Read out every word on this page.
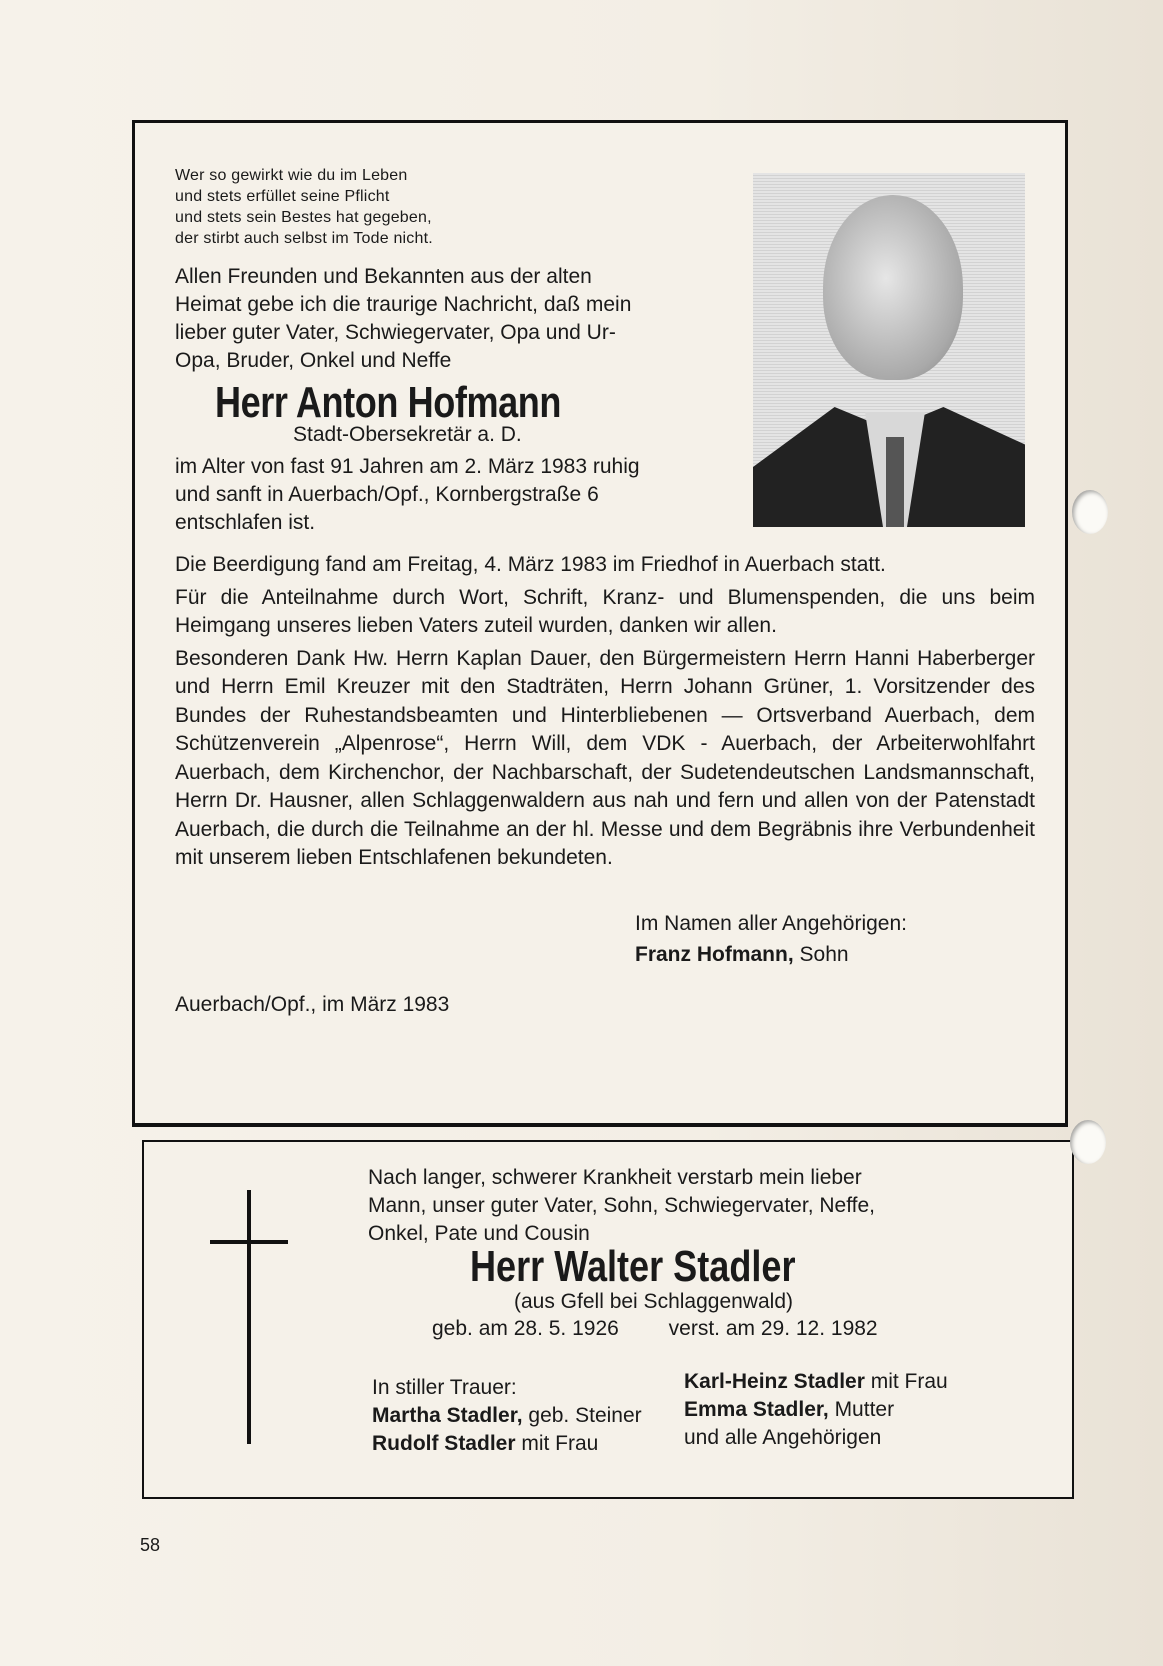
Wer so gewirkt wie du im Leben
und stets erfüllet seine Pflicht
und stets sein Bestes hat gegeben,
der stirbt auch selbst im Tode nicht.
Allen Freunden und Bekannten aus der alten
Heimat gebe ich die traurige Nachricht, daß mein
lieber guter Vater, Schwiegervater, Opa und Ur-
Opa, Bruder, Onkel und Neffe
Herr Anton Hofmann
Stadt-Obersekretär a. D.
im Alter von fast 91 Jahren am 2. März 1983 ruhig
und sanft in Auerbach/Opf., Kornbergstraße 6
entschlafen ist.

Die Beerdigung fand am Freitag, 4. März 1983 im Friedhof in Auerbach statt.

Für die Anteilnahme durch Wort, Schrift, Kranz- und Blumenspenden, die uns beim Heimgang unseres lieben Vaters zuteil wurden, danken wir allen.

Besonderen Dank Hw. Herrn Kaplan Dauer, den Bürgermeistern Herrn Hanni Haberberger und Herrn Emil Kreuzer mit den Stadträten, Herrn Johann Grüner, 1. Vorsitzender des Bundes der Ruhestandsbeamten und Hinterbliebenen — Ortsverband Auerbach, dem Schützenverein „Alpenrose“, Herrn Will, dem VDK - Auerbach, der Arbeiterwohlfahrt Auerbach, dem Kirchenchor, der Nachbarschaft, der Sudetendeutschen Landsmannschaft, Herrn Dr. Hausner, allen Schlaggenwaldern aus nah und fern und allen von der Patenstadt Auerbach, die durch die Teilnahme an der hl. Messe und dem Begräbnis ihre Verbundenheit mit unserem lieben Entschlafenen bekundeten.

Im Namen aller Angehörigen:
Franz Hofmann, Sohn
Auerbach/Opf., im März 1983
Nach langer, schwerer Krankheit verstarb mein lieber
Mann, unser guter Vater, Sohn, Schwiegervater, Neffe,
Onkel, Pate und Cousin
Herr Walter Stadler
(aus Gfell bei Schlaggenwald)
geb. am 28. 5. 1926 verst. am 29. 12. 1982
In stiller Trauer:
Martha Stadler, geb. Steiner
Rudolf Stadler mit Frau
Karl-Heinz Stadler mit Frau
Emma Stadler, Mutter
und alle Angehörigen
58
